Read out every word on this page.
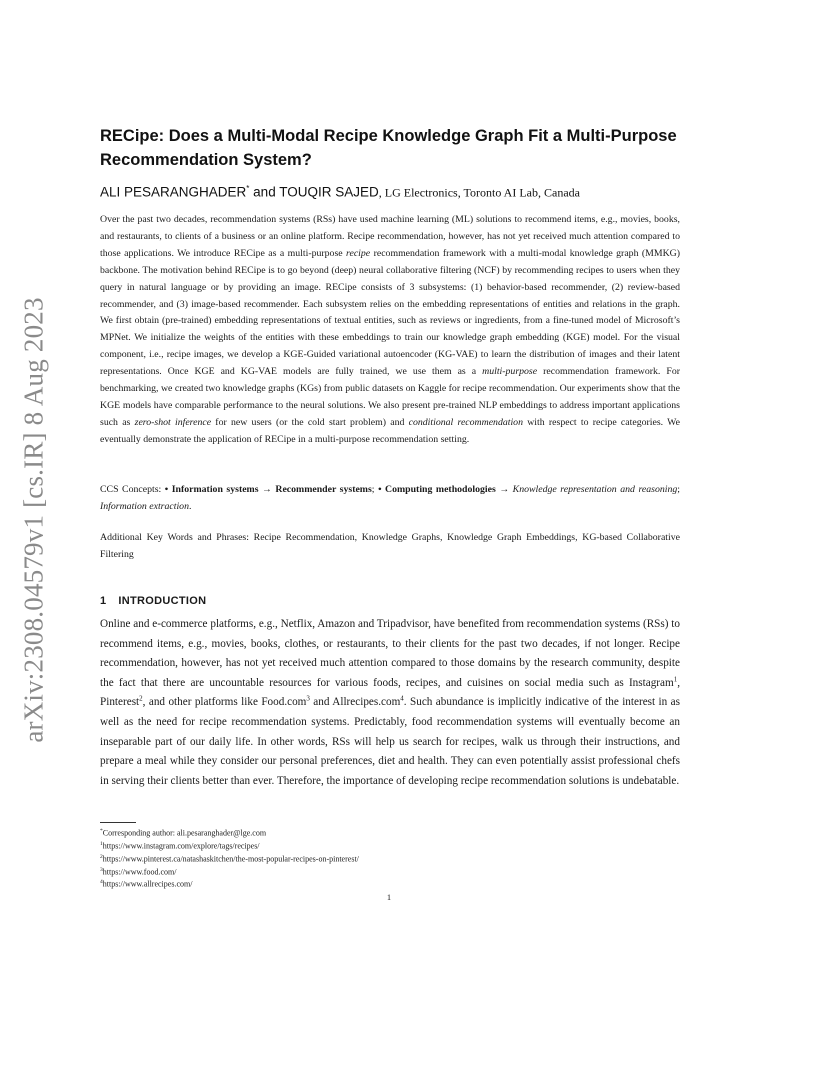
arXiv:2308.04579v1 [cs.IR] 8 Aug 2023
RECipe: Does a Multi-Modal Recipe Knowledge Graph Fit a Multi-Purpose Recommendation System?
ALI PESARANGHADER* and TOUQIR SAJED, LG Electronics, Toronto AI Lab, Canada
Over the past two decades, recommendation systems (RSs) have used machine learning (ML) solutions to recommend items, e.g., movies, books, and restaurants, to clients of a business or an online platform. Recipe recommendation, however, has not yet received much attention compared to those applications. We introduce RECipe as a multi-purpose recipe recommendation framework with a multi-modal knowledge graph (MMKG) backbone. The motivation behind RECipe is to go beyond (deep) neural collaborative filtering (NCF) by recommending recipes to users when they query in natural language or by providing an image. RECipe consists of 3 subsystems: (1) behavior-based recommender, (2) review-based recommender, and (3) image-based recommender. Each subsystem relies on the embedding representations of entities and relations in the graph. We first obtain (pre-trained) embedding representations of textual entities, such as reviews or ingredients, from a fine-tuned model of Microsoft’s MPNet. We initialize the weights of the entities with these embeddings to train our knowledge graph embedding (KGE) model. For the visual component, i.e., recipe images, we develop a KGE-Guided variational autoencoder (KG-VAE) to learn the distribution of images and their latent representations. Once KGE and KG-VAE models are fully trained, we use them as a multi-purpose recommendation framework. For benchmarking, we created two knowledge graphs (KGs) from public datasets on Kaggle for recipe recommendation. Our experiments show that the KGE models have comparable performance to the neural solutions. We also present pre-trained NLP embeddings to address important applications such as zero-shot inference for new users (or the cold start problem) and conditional recommendation with respect to recipe categories. We eventually demonstrate the application of RECipe in a multi-purpose recommendation setting.
CCS Concepts: • Information systems → Recommender systems; • Computing methodologies → Knowledge representation and reasoning; Information extraction.
Additional Key Words and Phrases: Recipe Recommendation, Knowledge Graphs, Knowledge Graph Embeddings, KG-based Collaborative Filtering
1 INTRODUCTION
Online and e-commerce platforms, e.g., Netflix, Amazon and Tripadvisor, have benefited from recommendation systems (RSs) to recommend items, e.g., movies, books, clothes, or restaurants, to their clients for the past two decades, if not longer. Recipe recommendation, however, has not yet received much attention compared to those domains by the research community, despite the fact that there are uncountable resources for various foods, recipes, and cuisines on social media such as Instagram$^1$, Pinterest$^2$, and other platforms like Food.com$^3$ and Allrecipes.com$^4$. Such abundance is implicitly indicative of the interest in as well as the need for recipe recommendation systems. Predictably, food recommendation systems will eventually become an inseparable part of our daily life. In other words, RSs will help us search for recipes, walk us through their instructions, and prepare a meal while they consider our personal preferences, diet and health. They can even potentially assist professional chefs in serving their clients better than ever. Therefore, the importance of developing recipe recommendation solutions is undebatable.
*Corresponding author: ali.pesaranghader@lge.com
$^1$https://www.instagram.com/explore/tags/recipes/
$^2$https://www.pinterest.ca/natashaskitchen/the-most-popular-recipes-on-pinterest/
$^3$https://www.food.com/
$^4$https://www.allrecipes.com/
1
